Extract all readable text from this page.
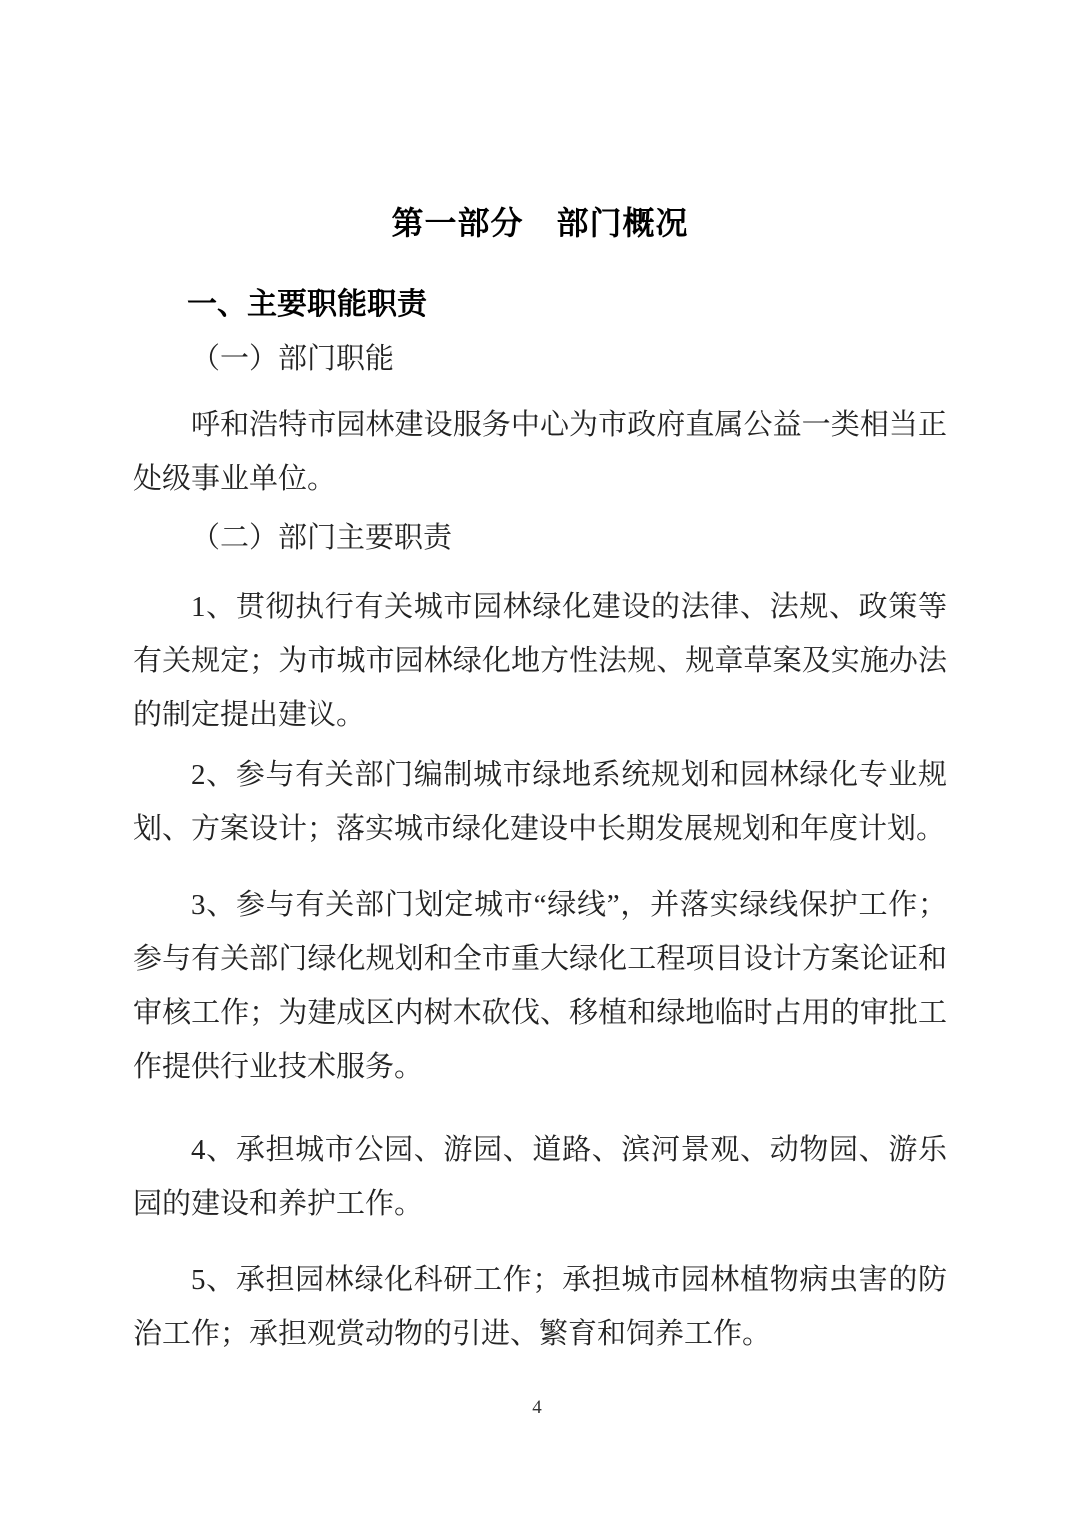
第一部分　部门概况
一、主要职能职责
（一）部门职能

呼和浩特市园林建设服务中心为市政府直属公益一类相当正处级事业单位。

（二）部门主要职责

1、贯彻执行有关城市园林绿化建设的法律、法规、政策等有关规定；为市城市园林绿化地方性法规、规章草案及实施办法的制定提出建议。

2、参与有关部门编制城市绿地系统规划和园林绿化专业规划、方案设计；落实城市绿化建设中长期发展规划和年度计划。

3、参与有关部门划定城市“绿线”，并落实绿线保护工作；参与有关部门绿化规划和全市重大绿化工程项目设计方案论证和审核工作；为建成区内树木砍伐、移植和绿地临时占用的审批工作提供行业技术服务。

4、承担城市公园、游园、道路、滨河景观、动物园、游乐园的建设和养护工作。

5、承担园林绿化科研工作；承担城市园林植物病虫害的防治工作；承担观赏动物的引进、繁育和饲养工作。

4
